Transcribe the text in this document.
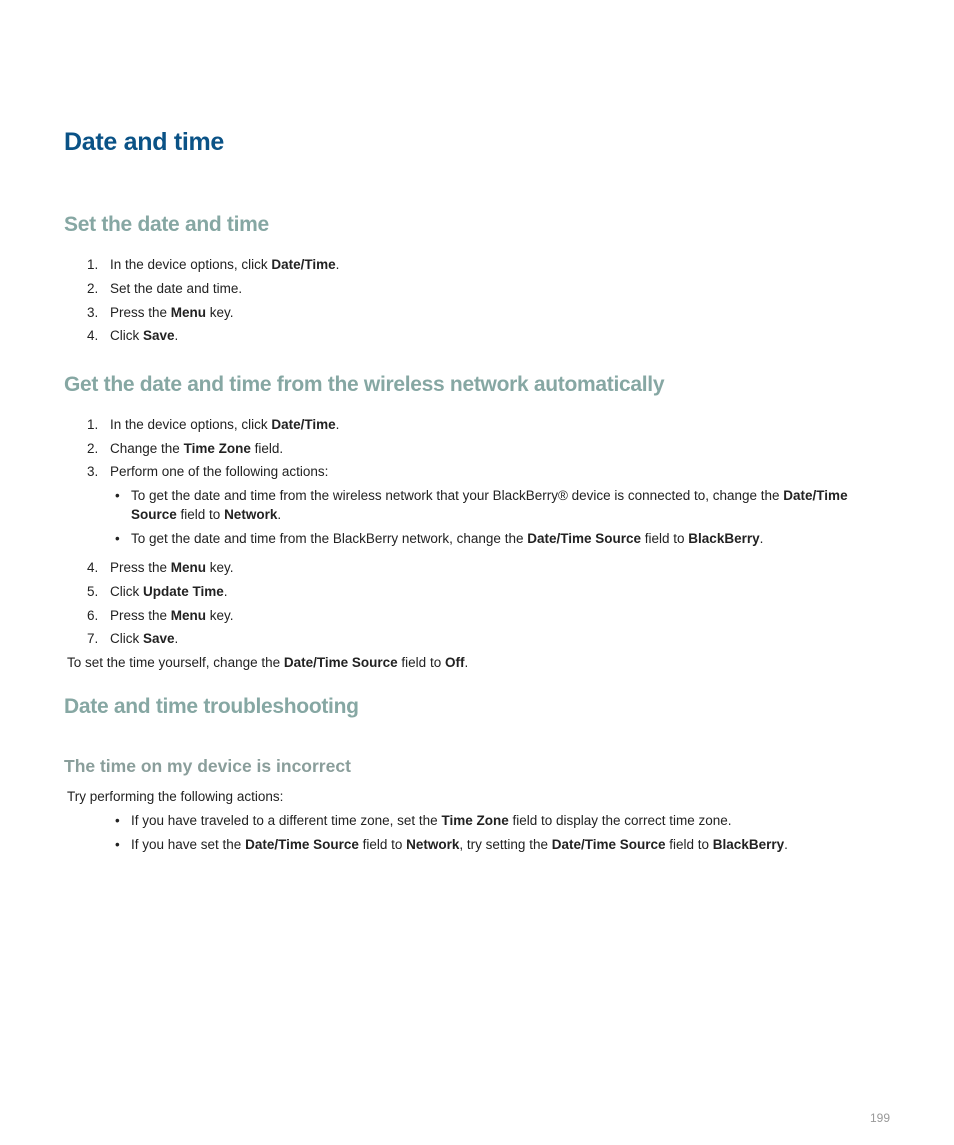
Date and time
Set the date and time
1. In the device options, click Date/Time.
2. Set the date and time.
3. Press the Menu key.
4. Click Save.
Get the date and time from the wireless network automatically
1. In the device options, click Date/Time.
2. Change the Time Zone field.
3. Perform one of the following actions:
• To get the date and time from the wireless network that your BlackBerry® device is connected to, change the Date/Time
Source field to Network.
• To get the date and time from the BlackBerry network, change the Date/Time Source field to BlackBerry.
4. Press the Menu key.
5. Click Update Time.
6. Press the Menu key.
7. Click Save.
To set the time yourself, change the Date/Time Source field to Off.
Date and time troubleshooting
The time on my device is incorrect
Try performing the following actions:
• If you have traveled to a different time zone, set the Time Zone field to display the correct time zone.
• If you have set the Date/Time Source field to Network, try setting the Date/Time Source field to BlackBerry.
199
